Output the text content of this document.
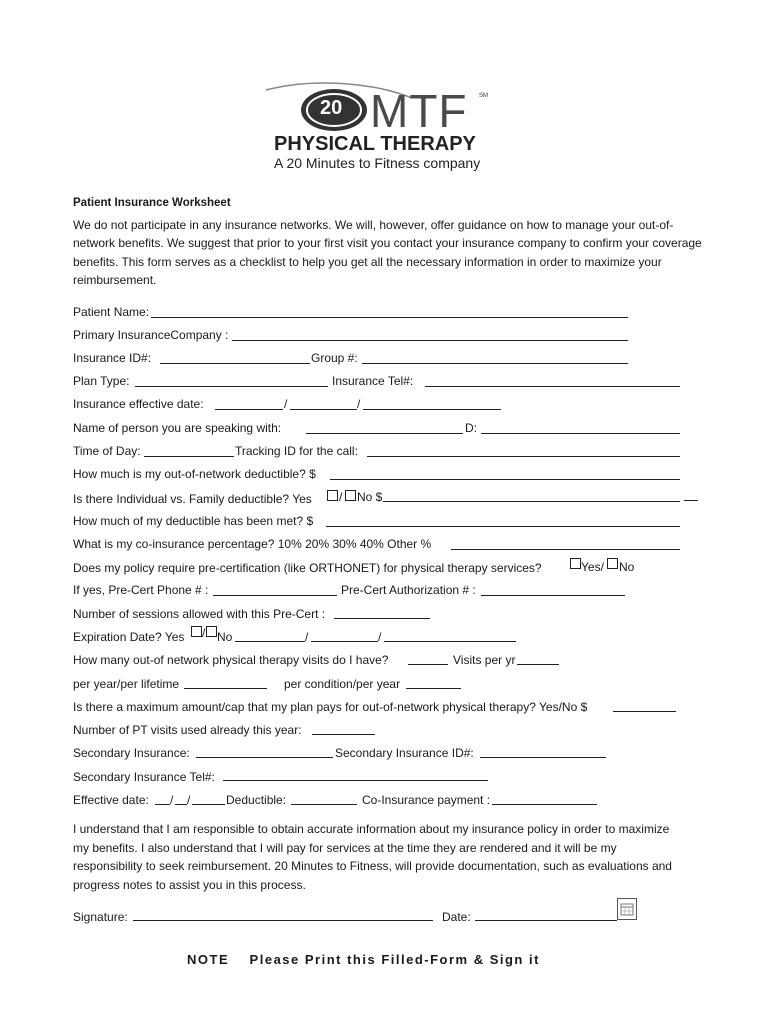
20 MTF SM
PHYSICAL THERAPY
A 20 Minutes to Fitness company
Patient Insurance Worksheet
We do not participate in any insurance networks. We will, however, offer guidance on how to manage your out-of-network benefits. We suggest that prior to your first visit you contact your insurance company to confirm your coverage benefits. This form serves as a checklist to help you get all the necessary information in order to maximize your reimbursement.
Patient Name:
Primary InsuranceCompany :
Insurance ID#:	Group #:
Plan Type:	Insurance Tel#:
Insurance effective date:	/	/
Name of person you are speaking with:	D:
Time of Day:	Tracking ID for the call:
How much is my out-of-network deductible? $
Is there Individual vs. Family deductible? Yes / No $
How much of my deductible has been met? $
What is my co-insurance percentage? 10% 20% 30% 40% Other %
Does my policy require pre-certification (like ORTHONET) for physical therapy services?	Yes/ No
If yes, Pre-Cert Phone # :	Pre-Cert Authorization # :
Number of sessions allowed with this Pre-Cert :
Expiration Date? Yes / No	/	/
How many out-of network physical therapy visits do I have?	Visits per yr
per year/per lifetime	per condition/per year
Is there a maximum amount/cap that my plan pays for out-of-network physical therapy? Yes/No $
Number of PT visits used already this year:
Secondary Insurance:	Secondary Insurance ID#:
Secondary Insurance Tel#:
Effective date: / /	Deductible:	Co-Insurance payment :
I understand that I am responsible to obtain accurate information about my insurance policy in order to maximize
my benefits. I also understand that I will pay for services at the time they are rendered and it will be my
responsibility to seek reimbursement. 20 Minutes to Fitness, will provide documentation, such as evaluations and
progress notes to assist you in this process.
Signature:	Date:
NOTE    Please Print this Filled-Form & Sign it
